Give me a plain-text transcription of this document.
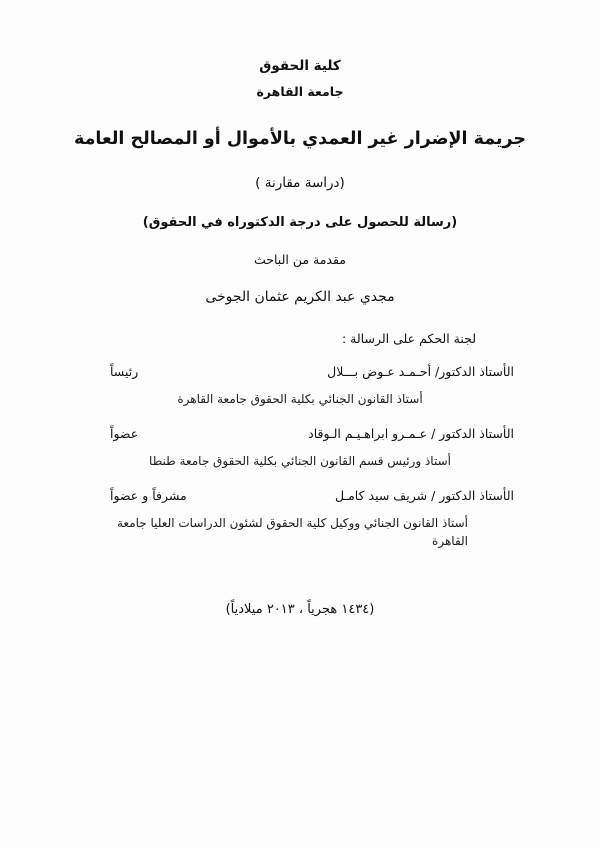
كلية الحقوق
جامعة القاهرة
جريمة الإضرار غير العمدي بالأموال أو المصالح العامة
(دراسة مقارنة )
(رسالة للحصول على درجة الدكتوراه في الحقوق)
مقدمة من الباحث
مجدي عبد الكريم عثمان الجوخى
لجنة الحكم على الرسالة :
الأستاذ الدكتور/ أحـمـد عـوض بـــلال
رئيساً
أستاذ القانون الجنائي بكلية الحقوق جامعة القاهرة
الأستاذ الدكتور / عـمـرو ابراهـيـم الـوقاد
عضواً
أستاذ ورئيس قسم القانون الجنائي بكلية الحقوق جامعة طنطا
الأستاذ الدكتور / شريف سيد كامـل
مشرفاً و عضواً
أستاذ القانون الجنائي ووكيل كلية الحقوق لشئون الدراسات العليا جامعة القاهرة
(١٤٣٤ هجرياً ، ٢٠١٣ ميلادياً)
